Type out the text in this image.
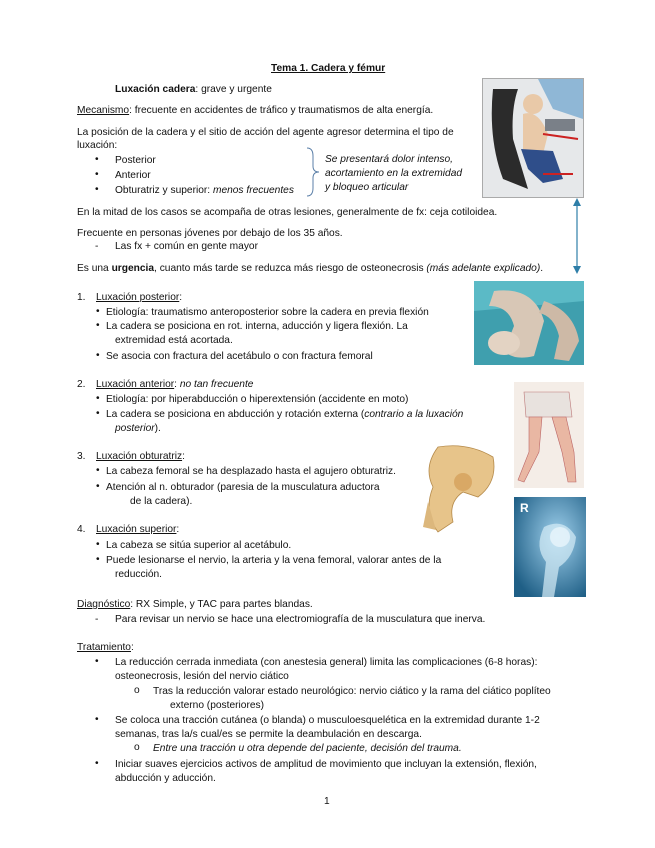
Tema 1. Cadera y fémur
Luxación cadera: grave y urgente
Mecanismo: frecuente en accidentes de tráfico y traumatismos de alta energía.
La posición de la cadera y el sitio de acción del agente agresor determina el tipo de
luxación:
• Posterior
• Anterior
• Obturatriz y superior: menos frecuentes
Se presentará dolor intenso,
acortamiento en la extremidad
y bloqueo articular
En la mitad de los casos se acompaña de otras lesiones, generalmente de fx: ceja cotiloidea.
Frecuente en personas jóvenes por debajo de los 35 años.
- Las fx + común en gente mayor
Es una urgencia, cuanto más tarde se reduzca más riesgo de osteonecrosis (más adelante explicado).
1. Luxación posterior:
• Etiología: traumatismo anteroposterior sobre la cadera en previa flexión
• La cadera se posiciona en rot. interna, aducción y ligera flexión. La
extremidad está acortada.
• Se asocia con fractura del acetábulo o con fractura femoral
2. Luxación anterior: no tan frecuente
• Etiología: por hiperabducción o hiperextensión (accidente en moto)
• La cadera se posiciona en abducción y rotación externa (contrario a la luxación
posterior).
3. Luxación obturatriz:
• La cabeza femoral se ha desplazado hasta el agujero obturatriz.
• Atención al n. obturador (paresia de la musculatura aductora
de la cadera).
4. Luxación superior:
• La cabeza se sitúa superior al acetábulo.
• Puede lesionarse el nervio, la arteria y la vena femoral, valorar antes de la
reducción.
R
Diagnóstico: RX Simple, y TAC para partes blandas.
- Para revisar un nervio se hace una electromiografía de la musculatura que inerva.
Tratamiento:
• La reducción cerrada inmediata (con anestesia general) limita las complicaciones (6-8 horas):
osteonecrosis, lesión del nervio ciático
o Tras la reducción valorar estado neurológico: nervio ciático y la rama del ciático poplíteo
externo (posteriores)
• Se coloca una tracción cutánea (o blanda) o musculoesquelética en la extremidad durante 1-2
semanas, tras la/s cual/es se permite la deambulación en descarga.
o Entre una tracción u otra depende del paciente, decisión del trauma.
• Iniciar suaves ejercicios activos de amplitud de movimiento que incluyan la extensión, flexión,
abducción y aducción.
1
